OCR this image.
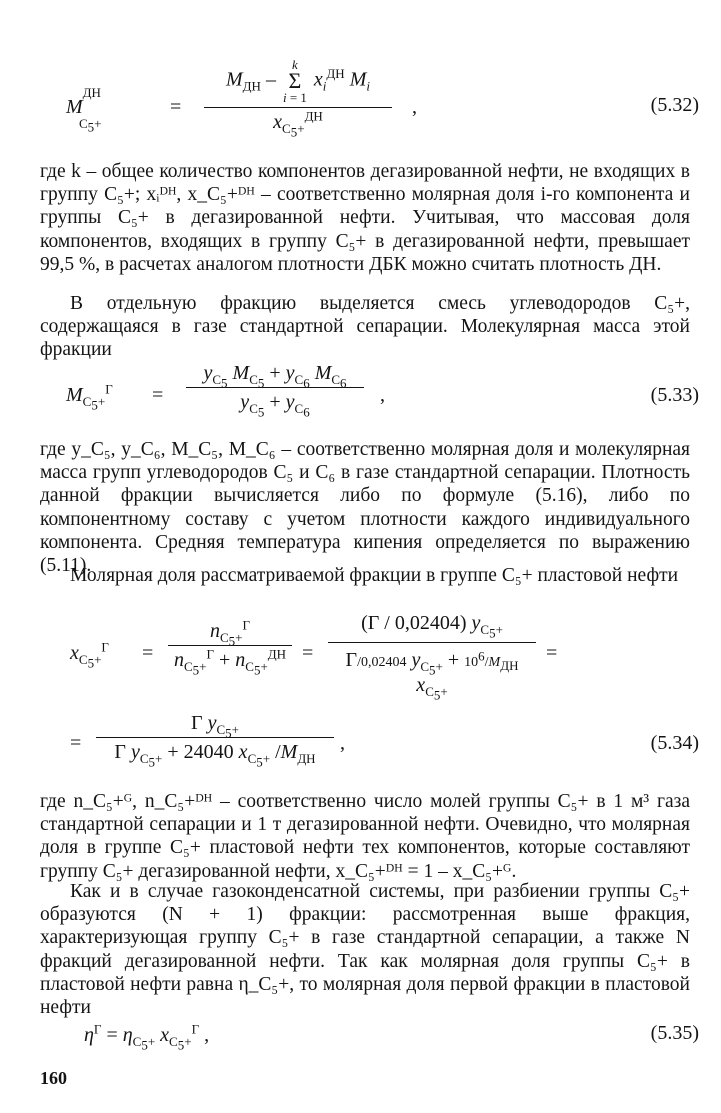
$M^{ДН}_{C_5+}$
=
$M_{ДН}$ –
k
Σ
i = 1
$x_i^{ДН}$ $M_i$
$x_{C_5+}^{ДН}$	,	(5.32)
где k – общее количество компонентов дегазированной нефти, не входящих в группу C₅+; xᵢᴰᴴ, x_C₅+ᴰᴴ – соответственно молярная доля i-го компонента и группы C₅+ в дегазированной нефти. Учитывая, что массовая доля компонентов, входящих в группу C₅+ в дегазированной нефти, превышает 99,5 %, в расчетах аналогом плотности ДБК можно считать плотность ДН.
В отдельную фракцию выделяется смесь углеводородов C₅+, содержащаяся в газе стандартной сепарации. Молекулярная масса этой фракции
$M_{C_5+}^Г = \frac{y_{C_5} M_{C_5} + y_{C_6} M_{C_6}}{y_{C_5} + y_{C_6}}$ ,	(5.33)
где y_C₅, y_C₆, M_C₅, M_C₆ – соответственно молярная доля и молекулярная масса групп углеводородов C₅ и C₆ в газе стандартной сепарации. Плотность данной фракции вычисляется либо по формуле (5.16), либо по компонентному составу с учетом плотности каждого индивидуального компонента. Средняя температура кипения определяется по выражению (5.11).
Молярная доля рассматриваемой фракции в группе C₅+ пластовой нефти
$x_{C_5+}^Г$ =
$n_{C_5+}^Г$
$n_{C_5+}^Г + n_{C_5+}^{ДН}$ =
(Г / 0,02404) $y_{C_5+}$
Г/0,02404 $y_{C_5+} + 10^6/M_{ДН}$ $x_{C_5+}$
=
=
Г $y_{C_5+}$
Г $y_{C_5+} + 24040$ $x_{C_5+}$ $/M_{ДН}$
,	(5.34)
где n_C₅+ᴳ, n_C₅+ᴰᴴ – соответственно число молей группы C₅+ в 1 м³ газа стандартной сепарации и 1 т дегазированной нефти. Очевидно, что молярная доля в группе C₅+ пластовой нефти тех компонентов, которые составляют группу C₅+ дегазированной нефти, x_C₅+ᴰᴴ = 1 – x_C₅+ᴳ.
Как и в случае газоконденсатной системы, при разбиении группы C₅+ образуются (N + 1) фракции: рассмотренная выше фракция, характеризующая группу C₅+ в газе стандартной сепарации, а также N фракций дегазированной нефти. Так как молярная доля группы C₅+ в пластовой нефти равна η_C₅+, то молярная доля первой фракции в пластовой нефти
$\eta^Г = \eta_{C_5+}$ $x_{C_5+}^Г$ ,	(5.35)
160
